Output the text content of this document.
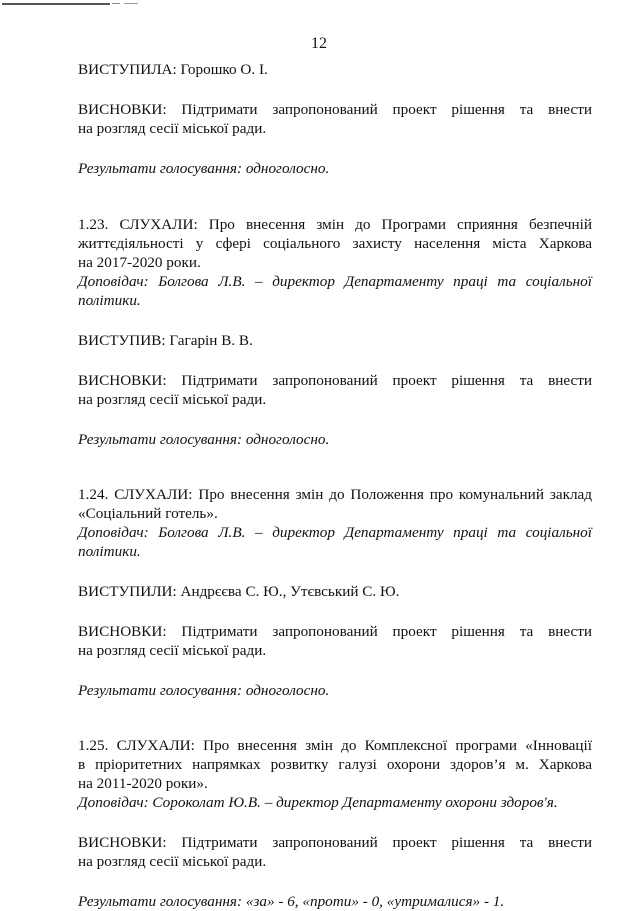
12

ВИСТУПИЛА: Горошко О. І.

ВИСНОВКИ: Підтримати запропонований проект рішення та внести

на розгляд сесії міської ради.

Результати голосування: одноголосно.

1.23. СЛУХАЛИ: Про внесення змін до Програми сприяння безпечній

життєдіяльності у сфері соціального захисту населення міста Харкова

на 2017-2020 роки.

Доповідач: Болгова Л.В. – директор Департаменту праці та соціальної

політики.

ВИСТУПИВ: Гагарін В. В.

ВИСНОВКИ: Підтримати запропонований проект рішення та внести

на розгляд сесії міської ради.

Результати голосування: одноголосно.

1.24. СЛУХАЛИ: Про внесення змін до Положення про комунальний заклад

«Соціальний готель».

Доповідач: Болгова Л.В. – директор Департаменту праці та соціальної

політики.

ВИСТУПИЛИ: Андрєєва С. Ю., Утєвський С. Ю.

ВИСНОВКИ: Підтримати запропонований проект рішення та внести

на розгляд сесії міської ради.

Результати голосування: одноголосно.

1.25. СЛУХАЛИ: Про внесення змін до Комплексної програми «Інновації

в пріоритетних напрямках розвитку галузі охорони здоров’я м. Харкова

на 2011-2020 роки».

Доповідач: Сороколат Ю.В. – директор Департаменту охорони здоров'я.

ВИСНОВКИ: Підтримати запропонований проект рішення та внести

на розгляд сесії міської ради.

Результати голосування: «за» - 6, «проти» - 0, «утрималися» - 1.
